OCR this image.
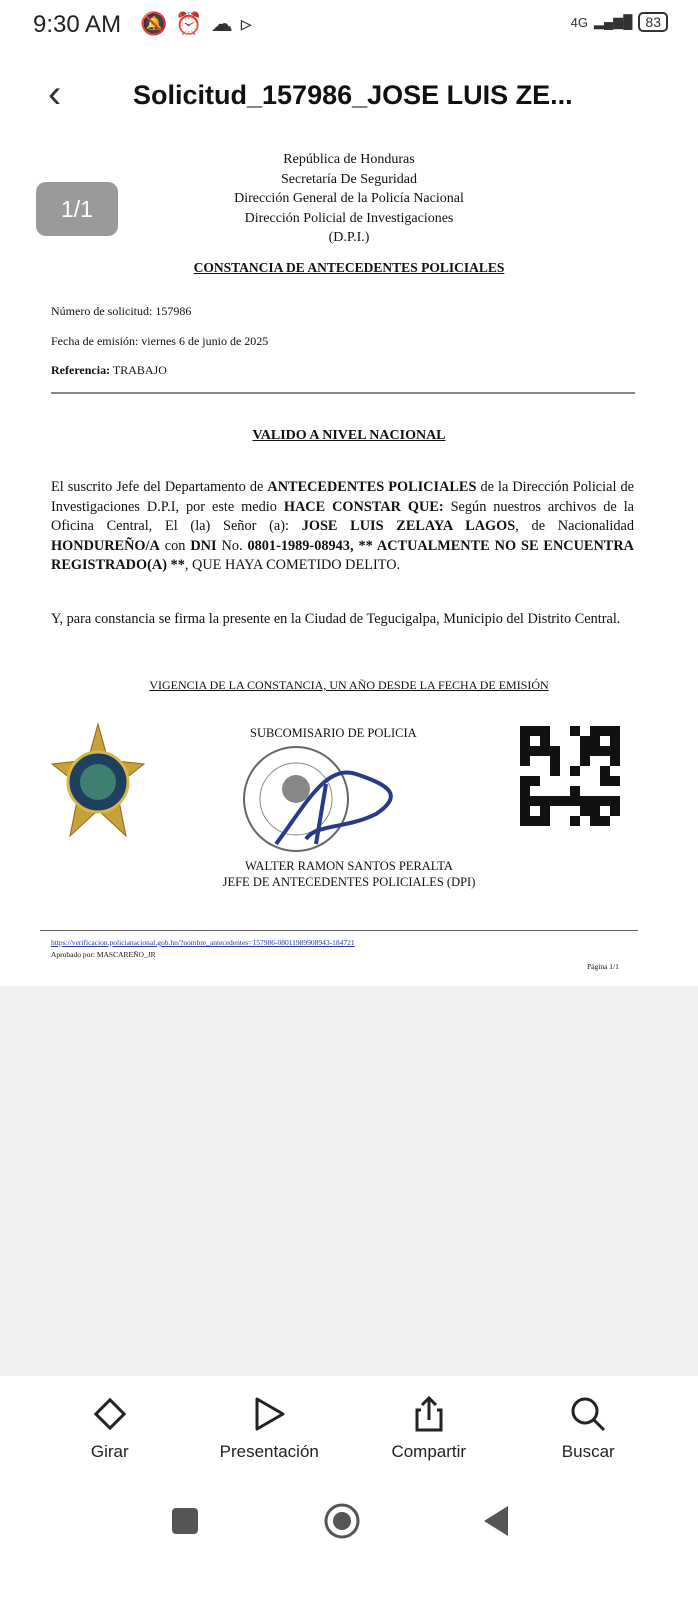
9:30 AM 🔕⏰☁▹	4G ▂▄▆█ 83
‹	Solicitud_157986_JOSE LUIS ZE...
República de Honduras
Secretaría De Seguridad
Dirección General de la Policía Nacional
Dirección Policial de Investigaciones
(D.P.I.)
1/1
CONSTANCIA DE ANTECEDENTES POLICIALES
Número de solicitud: 157986
Fecha de emisión: viernes 6 de junio de 2025
Referencia: TRABAJO
VALIDO A NIVEL NACIONAL
El suscrito Jefe del Departamento de ANTECEDENTES POLICIALES de la Dirección Policial de Investigaciones D.P.I, por este medio HACE CONSTAR QUE: Según nuestros archivos de la Oficina Central, El (la) Señor (a): JOSE LUIS ZELAYA LAGOS, de Nacionalidad HONDUREÑO/A con DNI No. 0801-1989-08943, ** ACTUALMENTE NO SE ENCUENTRA REGISTRADO(A) **, QUE HAYA COMETIDO DELITO.
Y, para constancia se firma la presente en la Ciudad de Tegucigalpa, Municipio del Distrito Central.
VIGENCIA DE LA CONSTANCIA, UN AÑO DESDE LA FECHA DE EMISIÓN
SUBCOMISARIO DE POLICIA
WALTER RAMON SANTOS PERALTA
JEFE DE ANTECEDENTES POLICIALES (DPI)
https://verificacion.policianacional.gob.hn/?nombre_antecedentes=157986-08011989908943-184721
Aprobado por: MASCAREÑO_JR
Página 1/1
Girar	Presentación	Compartir	Buscar
